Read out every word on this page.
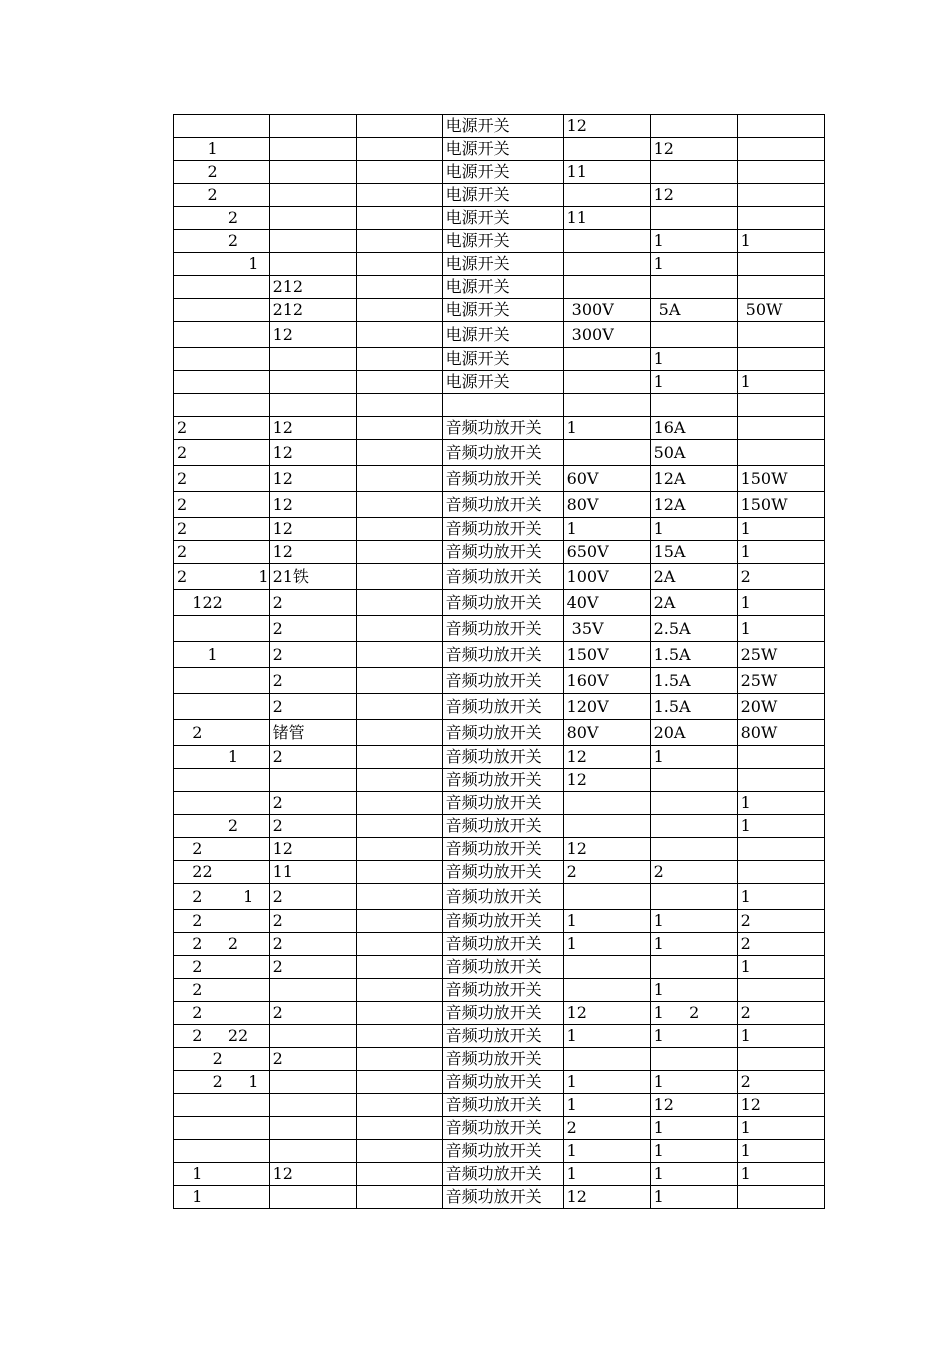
			电源开关	12		
1			电源开关		12	
2			电源开关	11		
2			电源开关		12	
2			电源开关	11		
2			电源开关		1	1
1			电源开关		1	
	212		电源开关			
	212		电源开关	300V	5A	50W
	12		电源开关	300V		
			电源开关		1	
			电源开关		1	1

2	12		音频功放开关	1	16A	
2	12		音频功放开关		50A	
2	12		音频功放开关	60V	12A	150W
2	12		音频功放开关	80V	12A	150W
2	12		音频功放开关	1	1	1
2	12		音频功放开关	650V	15A	1
2              1	21铁		音频功放开关	100V	2A	2
122	2		音频功放开关	40V	2A	1
	2		音频功放开关	35V	2.5A	1
1	2		音频功放开关	150V	1.5A	25W
	2		音频功放开关	160V	1.5A	25W
	2		音频功放开关	120V	1.5A	20W
2	锗管		音频功放开关	80V	20A	80W
1	2		音频功放开关	12	1	
			音频功放开关	12		
	2		音频功放开关			1
2	2		音频功放开关			1
2	12		音频功放开关	12		
22	11		音频功放开关	2	2	
2        1	2		音频功放开关			1
2	2		音频功放开关	1	1	2
2     2	2		音频功放开关	1	1	2
2	2		音频功放开关			1
2			音频功放开关		1	
2	2		音频功放开关	12	1     2	2
2     22			音频功放开关	1	1	1
2	2		音频功放开关			
2     1			音频功放开关	1	1	2
			音频功放开关	1	12	12
			音频功放开关	2	1	1
			音频功放开关	1	1	1
1	12		音频功放开关	1	1	1
1			音频功放开关	12	1	
